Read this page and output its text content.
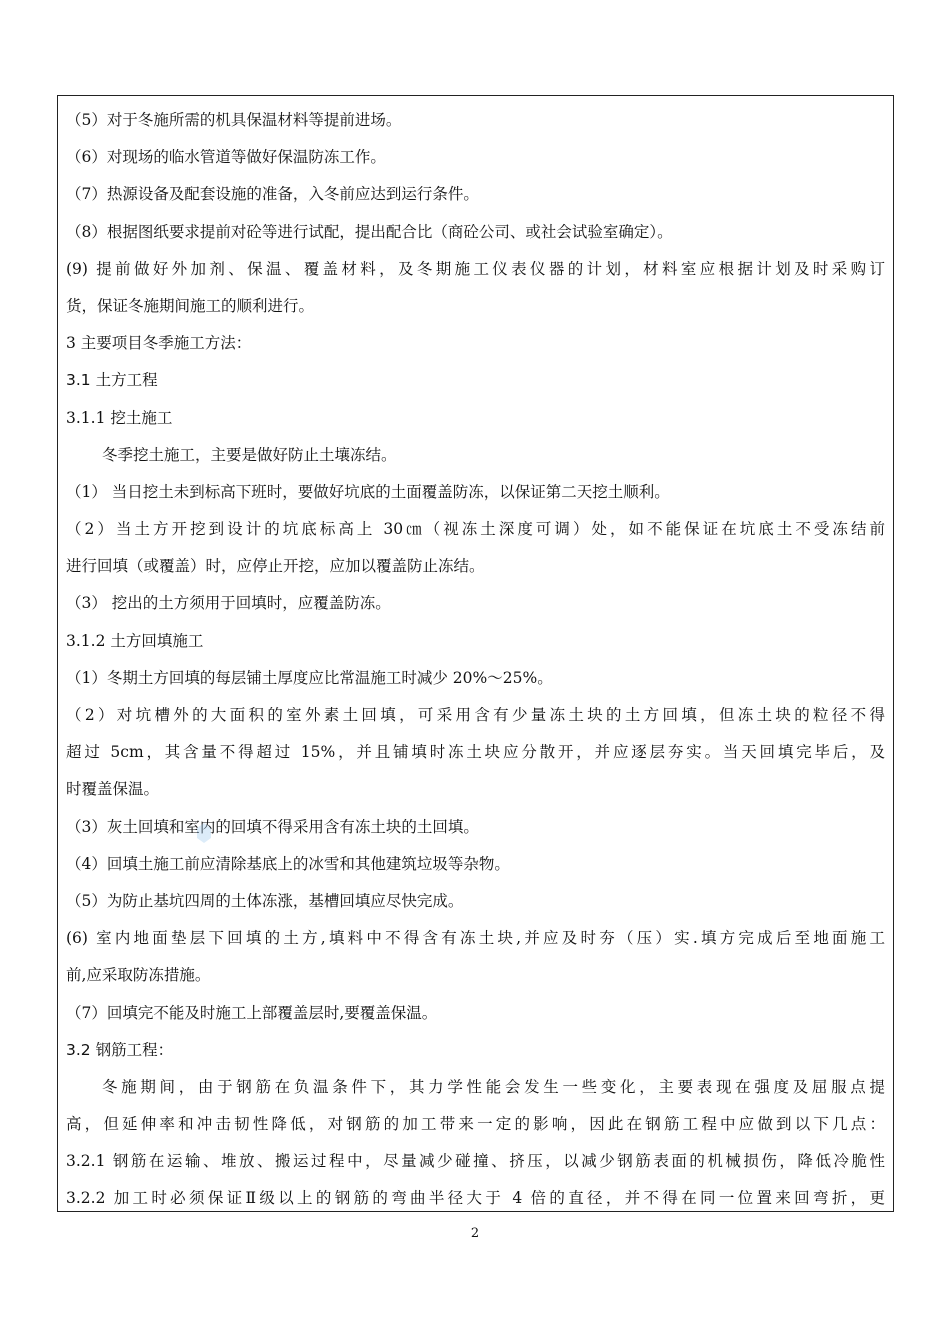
（5）对于冬施所需的机具保温材料等提前进场。
（6）对现场的临水管道等做好保温防冻工作。
（7）热源设备及配套设施的准备，入冬前应达到运行条件。
（8）根据图纸要求提前对砼等进行试配，提出配合比（商砼公司、或社会试验室确定）。
(9) 提前做好外加剂、保温、覆盖材料，及冬期施工仪表仪器的计划，材料室应根据计划及时采购订
货，保证冬施期间施工的顺利进行。
3 主要项目冬季施工方法：
3.1 土方工程
3.1.1 挖土施工
冬季挖土施工，主要是做好防止土壤冻结。
（1） 当日挖土未到标高下班时，要做好坑底的土面覆盖防冻，以保证第二天挖土顺利。
（2）当土方开挖到设计的坑底标高上 30㎝（视冻土深度可调）处，如不能保证在坑底土不受冻结前
进行回填（或覆盖）时，应停止开挖，应加以覆盖防止冻结。
（3） 挖出的土方须用于回填时，应覆盖防冻。
3.1.2 土方回填施工
（1）冬期土方回填的每层铺土厚度应比常温施工时减少 20%～25%。
（2）对坑槽外的大面积的室外素土回填，可采用含有少量冻土块的土方回填，但冻土块的粒径不得
超过 5cm，其含量不得超过 15%，并且铺填时冻土块应分散开，并应逐层夯实。当天回填完毕后，及
时覆盖保温。
（3）灰土回填和室内的回填不得采用含有冻土块的土回填。
（4）回填土施工前应清除基底上的冰雪和其他建筑垃圾等杂物。
（5）为防止基坑四周的土体冻涨，基槽回填应尽快完成。
(6) 室内地面垫层下回填的土方,填料中不得含有冻土块,并应及时夯（压）实.填方完成后至地面施工
前,应采取防冻措施。
（7）回填完不能及时施工上部覆盖层时,要覆盖保温。
3.2 钢筋工程：
冬施期间，由于钢筋在负温条件下，其力学性能会发生一些变化，主要表现在强度及屈服点提
高，但延伸率和冲击韧性降低，对钢筋的加工带来一定的影响，因此在钢筋工程中应做到以下几点：
3.2.1 钢筋在运输、堆放、搬运过程中，尽量减少碰撞、挤压，以减少钢筋表面的机械损伤，降低冷脆性
3.2.2 加工时必须保证Ⅱ级以上的钢筋的弯曲半径大于 4 倍的直径，并不得在同一位置来回弯折，更
2
